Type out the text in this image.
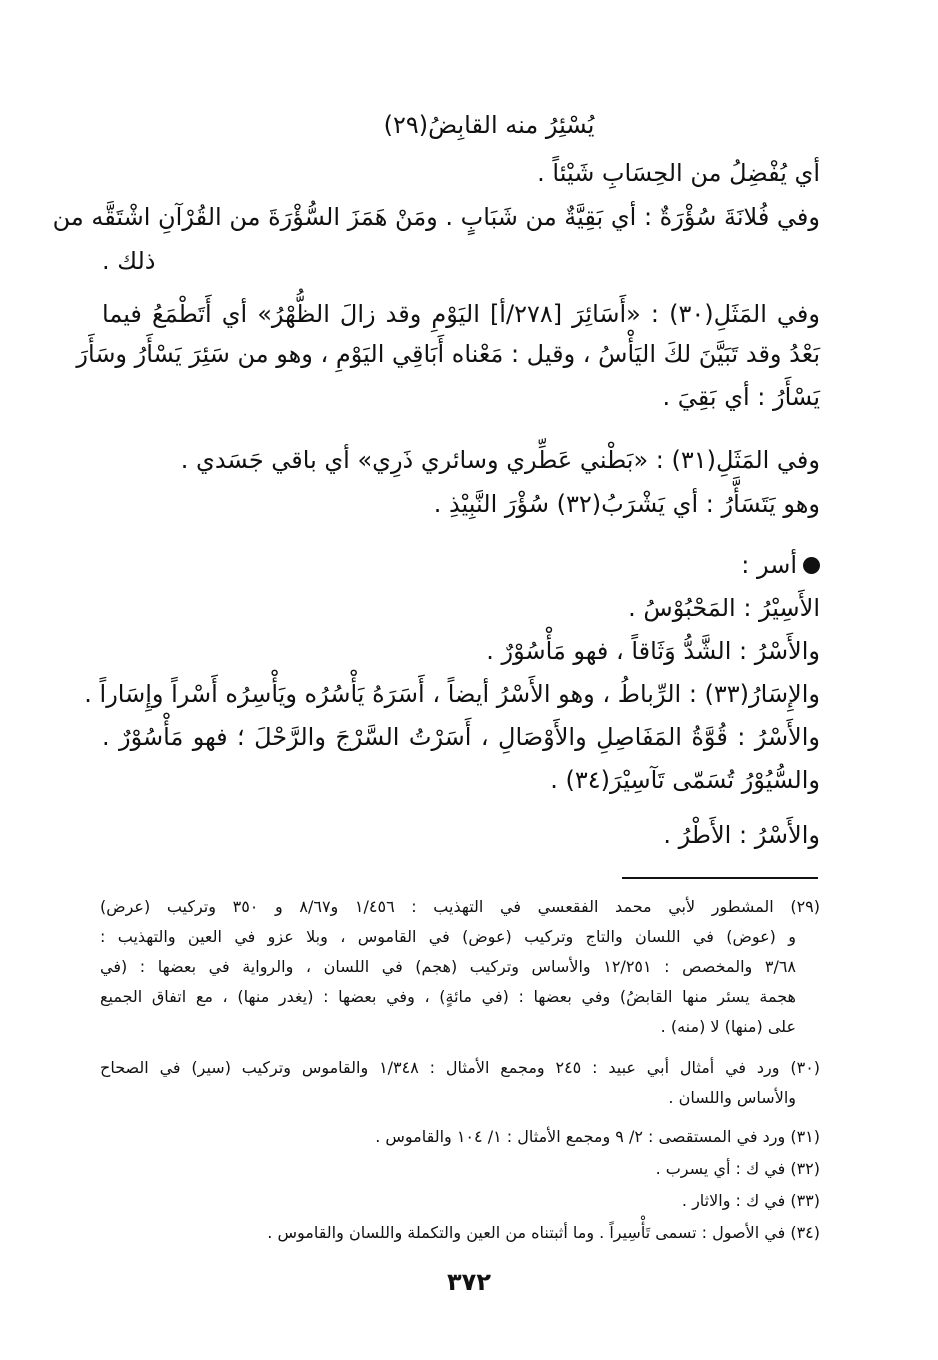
يُسْئِرُ منه القابِضُ(٢٩)
أي يُفْضِلُ من الحِسَابِ شَيْئاً .
وفي فُلانَةَ سُؤْرَةٌ : أي بَقِيَّةٌ من شَبَابٍ . ومَنْ هَمَزَ السُّؤْرَةَ من القُرْآنِ اشْتَقَّه من
ذلك .
وفي المَثَلِ(٣٠) : «أَسَائِرَ [٢٧٨/أ] اليَوْمِ وقد زالَ الظُّهْرُ» أي أَتَطْمَعُ فيما
بَعْدُ وقد تَبَيَّنَ لكَ اليَأْسُ ، وقيل : مَعْناه أَبَاقِي اليَوْمِ ، وهو من سَئِرَ يَسْأَرُ وسَأَرَ
يَسْأَرُ : أي بَقِيَ .
وفي المَثَلِ(٣١) : «بَطْني عَطِّري وسائري ذَرِي» أي باقي جَسَدي .
وهو يَتَسَأَّرُ : أي يَشْرَبُ(٣٢) سُؤْرَ النَّبِيْذِ .
أسر :
الأَسِيْرُ : المَحْبُوْسُ .
والأَسْرُ : الشَّدُّ وَثَاقاً ، فهو مَأْسُوْرٌ .
والإِسَارُ(٣٣) : الرِّباطُ ، وهو الأَسْرُ أيضاً ، أَسَرَهُ يَأْسُرُه ويَأْسِرُه أَسْراً وإِسَاراً .
والأَسْرُ : قُوَّةُ المَفَاصِلِ والأَوْصَالِ ، أَسَرْتُ السَّرْجَ والرَّحْلَ ؛ فهو مَأْسُوْرٌ .
والسُّيُوْرُ تُسَمّى تَآسِيْرَ(٣٤) .
والأَسْرُ : الأَطْرُ .
(٢٩) المشطور لأبي محمد الفقعسي في التهذيب : ١/٤٥٦ و٨/٦٧ و ٣٥٠ وتركيب (عرض)
و (عوض) في اللسان والتاج وتركيب (عوض) في القاموس ، وبلا عزو في العين والتهذيب :
٣/٦٨ والمخصص : ١٢/٢٥١ والأساس وتركيب (هجم) في اللسان ، والرواية في بعضها : (في
هجمة يسئر منها القابضُ) وفي بعضها : (في مائةٍ) ، وفي بعضها : (يغدر منها) ، مع اتفاق الجميع
على (منها) لا (منه) .
(٣٠) ورد في أمثال أبي عبيد : ٢٤٥ ومجمع الأمثال : ١/٣٤٨ والقاموس وتركيب (سير) في الصحاح
والأساس واللسان .
(٣١) ورد في المستقصى : ٢/ ٩ ومجمع الأمثال : ١/ ١٠٤ والقاموس .
(٣٢) في ك : أي يسرب .
(٣٣) في ك : والاثار .
(٣٤) في الأصول : تسمى تَأْسِيراً . وما أثبتناه من العين والتكملة واللسان والقاموس .
٣٧٢
